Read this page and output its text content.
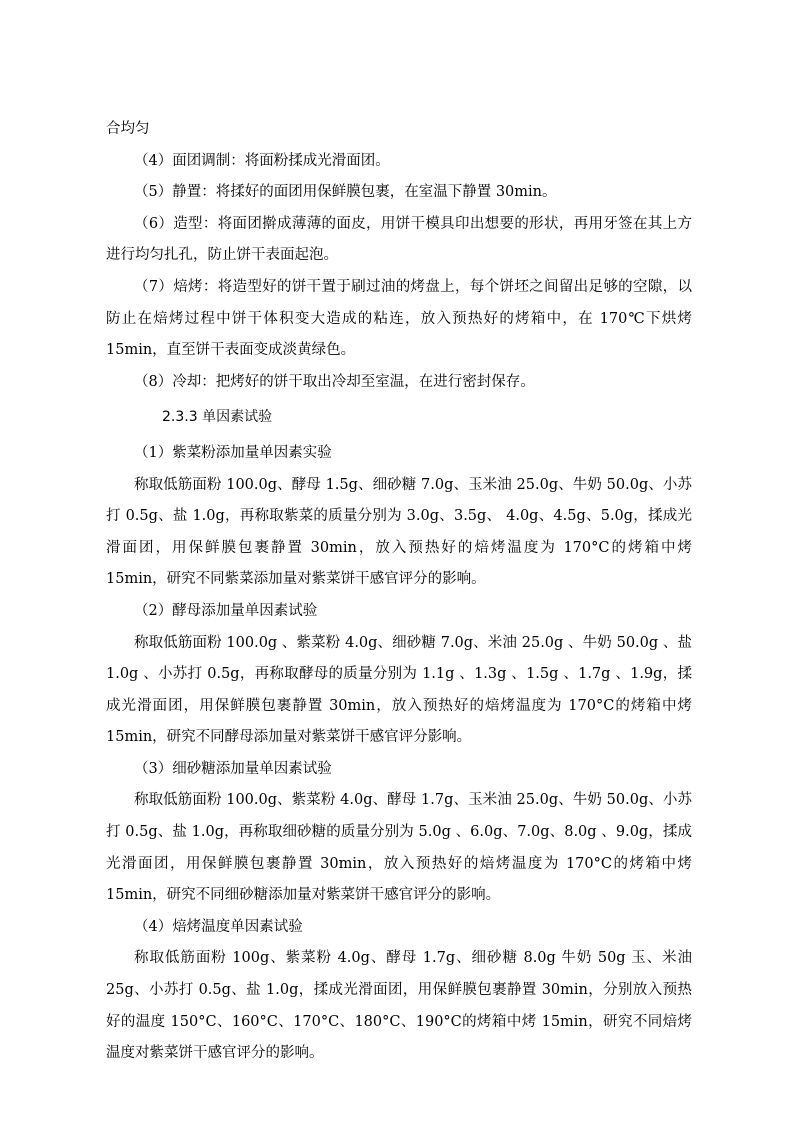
合均匀

（4）面团调制：将面粉揉成光滑面团。

（5）静置：将揉好的面团用保鲜膜包裹，在室温下静置 30min。

（6）造型：将面团擀成薄薄的面皮，用饼干模具印出想要的形状，再用牙签在其上方进行均匀扎孔，防止饼干表面起泡。

（7）焙烤：将造型好的饼干置于刷过油的烤盘上，每个饼坯之间留出足够的空隙，以防止在焙烤过程中饼干体积变大造成的粘连，放入预热好的烤箱中，在 170℃下烘烤 15min，直至饼干表面变成淡黄绿色。

（8）冷却：把烤好的饼干取出冷却至室温，在进行密封保存。

2.3.3 单因素试验

（1）紫菜粉添加量单因素实验

称取低筋面粉 100.0g、酵母 1.5g、细砂糖 7.0g、玉米油 25.0g、牛奶 50.0g、小苏打 0.5g、盐 1.0g，再称取紫菜的质量分别为 3.0g、3.5g、 4.0g、4.5g、5.0g，揉成光滑面团，用保鲜膜包裹静置 30min，放入预热好的焙烤温度为 170°C的烤箱中烤 15min，研究不同紫菜添加量对紫菜饼干感官评分的影响。

（2）酵母添加量单因素试验

称取低筋面粉 100.0g 、紫菜粉 4.0g、细砂糖 7.0g、米油 25.0g 、牛奶 50.0g 、盐 1.0g 、小苏打 0.5g，再称取酵母的质量分别为 1.1g 、1.3g 、1.5g 、1.7g 、1.9g，揉成光滑面团，用保鲜膜包裹静置 30min，放入预热好的焙烤温度为 170°C的烤箱中烤 15min，研究不同酵母添加量对紫菜饼干感官评分影响。

（3）细砂糖添加量单因素试验

称取低筋面粉 100.0g、紫菜粉 4.0g、酵母 1.7g、玉米油 25.0g、牛奶 50.0g、小苏打 0.5g、盐 1.0g，再称取细砂糖的质量分别为 5.0g 、6.0g、7.0g、8.0g 、9.0g，揉成光滑面团，用保鲜膜包裹静置 30min，放入预热好的焙烤温度为 170°C的烤箱中烤 15min，研究不同细砂糖添加量对紫菜饼干感官评分的影响。

（4）焙烤温度单因素试验

称取低筋面粉 100g、紫菜粉 4.0g、酵母 1.7g、细砂糖 8.0g 牛奶 50g 玉、米油 25g、小苏打 0.5g、盐 1.0g，揉成光滑面团，用保鲜膜包裹静置 30min，分别放入预热好的温度 150°C、160°C、170°C、180°C、190°C的烤箱中烤 15min，研究不同焙烤温度对紫菜饼干感官评分的影响。
